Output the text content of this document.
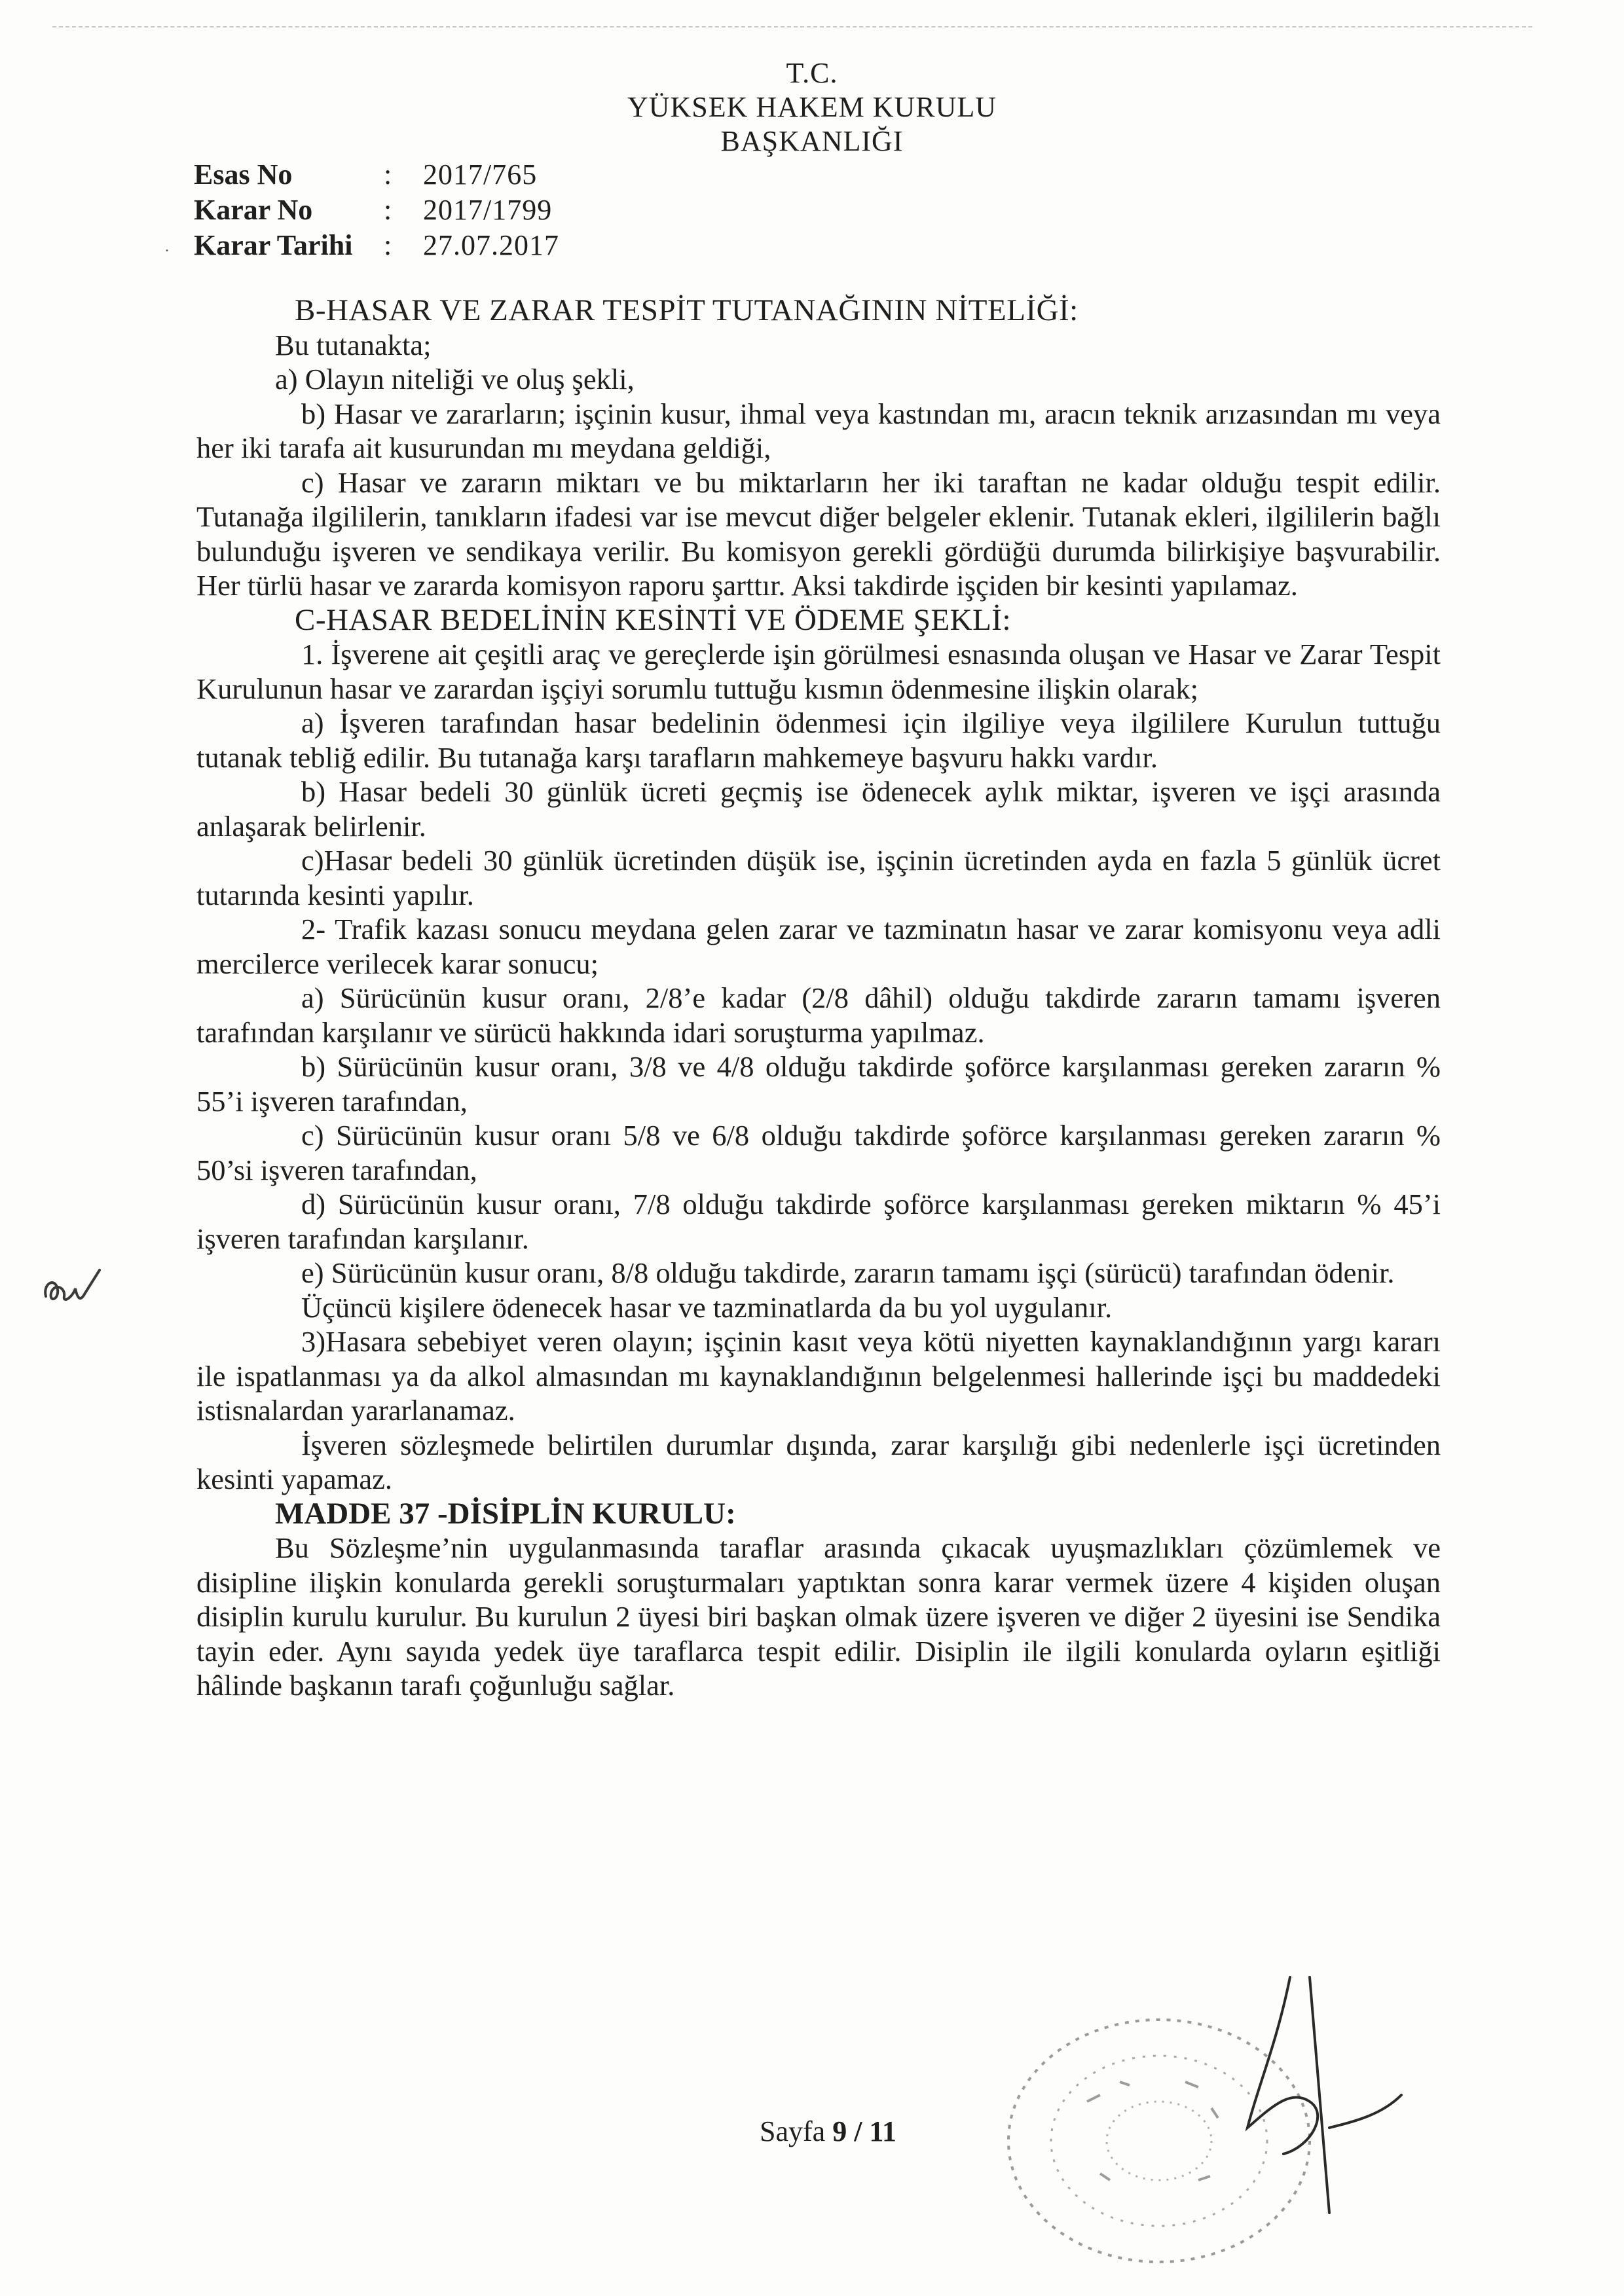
T.C.
YÜKSEK HAKEM KURULU
BAŞKANLIĞI
Esas No	:	2017/765
Karar No	:	2017/1799
Karar Tarihi	:	27.07.2017
.

B-HASAR VE ZARAR TESPİT TUTANAĞININ NİTELİĞİ:

Bu tutanakta;

a) Olayın niteliği ve oluş şekli,

b) Hasar ve zararların; işçinin kusur, ihmal veya kastından mı, aracın teknik arızasından mı veya her iki tarafa ait kusurundan mı meydana geldiği,

c) Hasar ve zararın miktarı ve bu miktarların her iki taraftan ne kadar olduğu tespit edilir. Tutanağa ilgililerin, tanıkların ifadesi var ise mevcut diğer belgeler eklenir. Tutanak ekleri, ilgililerin bağlı bulunduğu işveren ve sendikaya verilir. Bu komisyon gerekli gördüğü durumda bilirkişiye başvurabilir. Her türlü hasar ve zararda komisyon raporu şarttır. Aksi takdirde işçiden bir kesinti yapılamaz.

C-HASAR BEDELİNİN KESİNTİ VE ÖDEME ŞEKLİ:

1. İşverene ait çeşitli araç ve gereçlerde işin görülmesi esnasında oluşan ve Hasar ve Zarar Tespit Kurulunun hasar ve zarardan işçiyi sorumlu tuttuğu kısmın ödenmesine ilişkin olarak;

a) İşveren tarafından hasar bedelinin ödenmesi için ilgiliye veya ilgililere Kurulun tuttuğu tutanak tebliğ edilir. Bu tutanağa karşı tarafların mahkemeye başvuru hakkı vardır.

b) Hasar bedeli 30 günlük ücreti geçmiş ise ödenecek aylık miktar, işveren ve işçi arasında anlaşarak belirlenir.

c)Hasar bedeli 30 günlük ücretinden düşük ise, işçinin ücretinden ayda en fazla 5 günlük ücret tutarında kesinti yapılır.

2- Trafik kazası sonucu meydana gelen zarar ve tazminatın hasar ve zarar komisyonu veya adli mercilerce verilecek karar sonucu;

a) Sürücünün kusur oranı, 2/8’e kadar (2/8 dâhil) olduğu takdirde zararın tamamı işveren tarafından karşılanır ve sürücü hakkında idari soruşturma yapılmaz.

b) Sürücünün kusur oranı, 3/8 ve 4/8 olduğu takdirde şoförce karşılanması gereken zararın % 55’i işveren tarafından,

c) Sürücünün kusur oranı 5/8 ve 6/8 olduğu takdirde şoförce karşılanması gereken zararın % 50’si işveren tarafından,

d) Sürücünün kusur oranı, 7/8 olduğu takdirde şoförce karşılanması gereken miktarın % 45’i işveren tarafından karşılanır.

e) Sürücünün kusur oranı, 8/8 olduğu takdirde, zararın tamamı işçi (sürücü) tarafından ödenir.

Üçüncü kişilere ödenecek hasar ve tazminatlarda da bu yol uygulanır.

3)Hasara sebebiyet veren olayın; işçinin kasıt veya kötü niyetten kaynaklandığının yargı kararı ile ispatlanması ya da alkol almasından mı kaynaklandığının belgelenmesi hallerinde işçi bu maddedeki istisnalardan yararlanamaz.

İşveren sözleşmede belirtilen durumlar dışında, zarar karşılığı gibi nedenlerle işçi ücretinden kesinti yapamaz.

MADDE 37 -DİSİPLİN KURULU:

Bu Sözleşme’nin uygulanmasında taraflar arasında çıkacak uyuşmazlıkları çözümlemek ve disipline ilişkin konularda gerekli soruşturmaları yaptıktan sonra karar vermek üzere 4 kişiden oluşan disiplin kurulu kurulur. Bu kurulun 2 üyesi biri başkan olmak üzere işveren ve diğer 2 üyesini ise Sendika tayin eder. Aynı sayıda yedek üye taraflarca tespit edilir. Disiplin ile ilgili konularda oyların eşitliği hâlinde başkanın tarafı çoğunluğu sağlar.

Sayfa 9 / 11
